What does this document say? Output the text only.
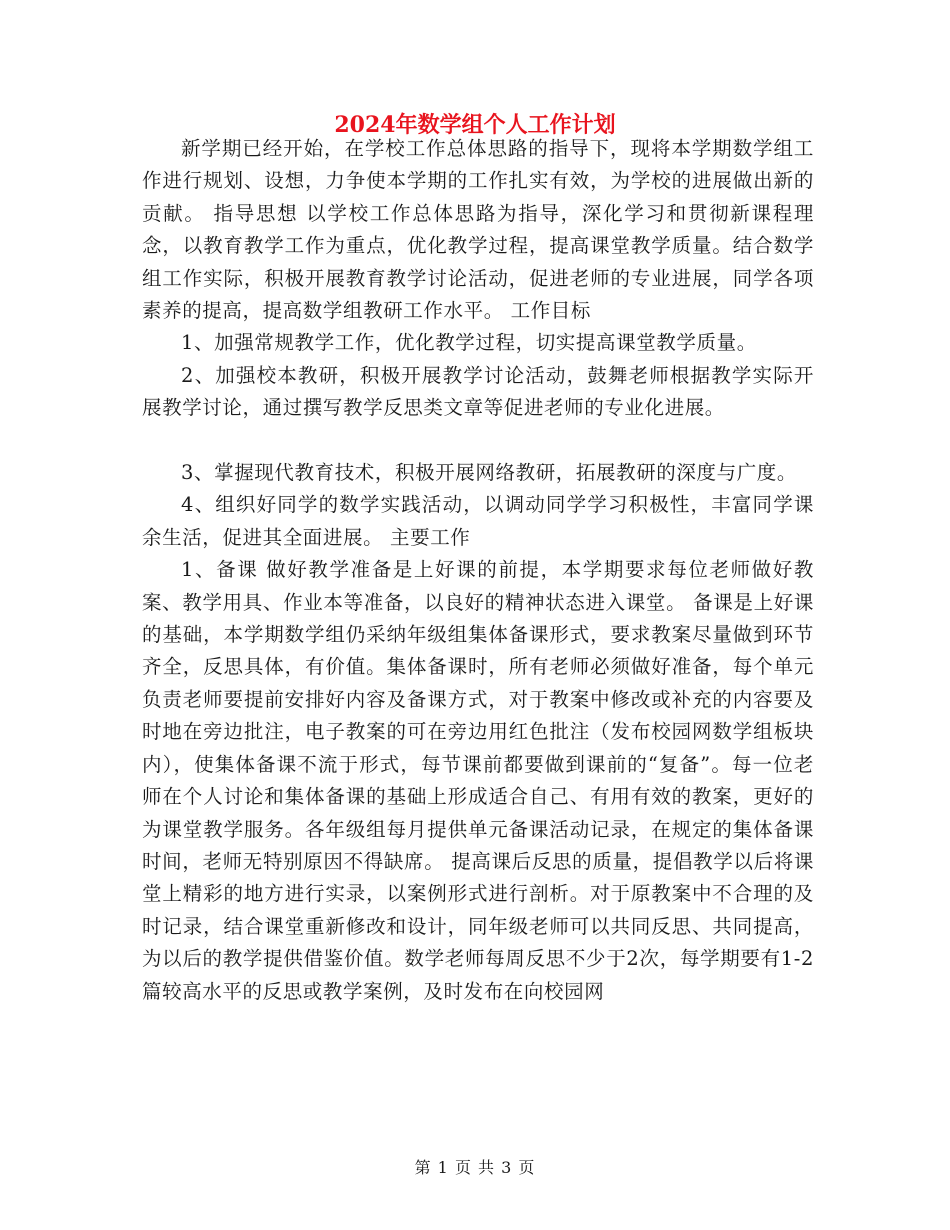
2024年数学组个人工作计划

新学期已经开始，在学校工作总体思路的指导下，现将本学期数学组工作进行规划、设想，力争使本学期的工作扎实有效，为学校的进展做出新的贡献。 指导思想 以学校工作总体思路为指导，深化学习和贯彻新课程理念，以教育教学工作为重点，优化教学过程，提高课堂教学质量。结合数学组工作实际，积极开展教育教学讨论活动，促进老师的专业进展，同学各项素养的提高，提高数学组教研工作水平。 工作目标

1、加强常规教学工作，优化教学过程，切实提高课堂教学质量。

2、加强校本教研，积极开展教学讨论活动，鼓舞老师根据教学实际开展教学讨论，通过撰写教学反思类文章等促进老师的专业化进展。

3、掌握现代教育技术，积极开展网络教研，拓展教研的深度与广度。

4、组织好同学的数学实践活动，以调动同学学习积极性，丰富同学课余生活，促进其全面进展。 主要工作

1、备课 做好教学准备是上好课的前提，本学期要求每位老师做好教案、教学用具、作业本等准备，以良好的精神状态进入课堂。 备课是上好课的基础，本学期数学组仍采纳年级组集体备课形式，要求教案尽量做到环节齐全，反思具体，有价值。集体备课时，所有老师必须做好准备，每个单元负责老师要提前安排好内容及备课方式，对于教案中修改或补充的内容要及时地在旁边批注，电子教案的可在旁边用红色批注（发布校园网数学组板块内），使集体备课不流于形式，每节课前都要做到课前的“复备”。每一位老师在个人讨论和集体备课的基础上形成适合自己、有用有效的教案，更好的为课堂教学服务。各年级组每月提供单元备课活动记录，在规定的集体备课时间，老师无特别原因不得缺席。 提高课后反思的质量，提倡教学以后将课堂上精彩的地方进行实录，以案例形式进行剖析。对于原教案中不合理的及时记录，结合课堂重新修改和设计，同年级老师可以共同反思、共同提高，为以后的教学提供借鉴价值。数学老师每周反思不少于2次，每学期要有1-2篇较高水平的反思或教学案例，及时发布在向校园网

第 1 页 共 3 页
